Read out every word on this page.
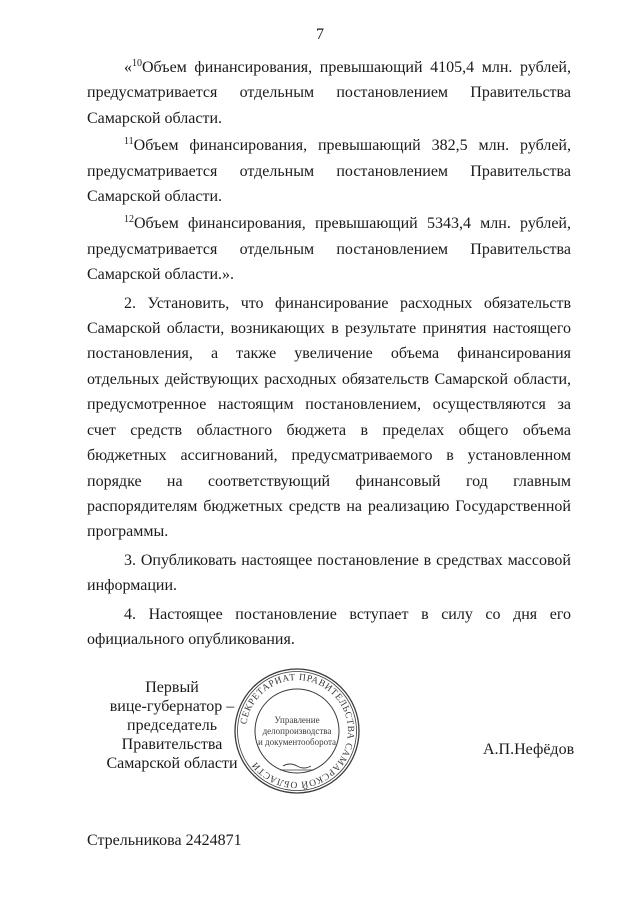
7

«$^{10}$Объем финансирования, превышающий 4105,4 млн. рублей, предусматривается отдельным постановлением Правительства Самарской области.

$^{11}$Объем финансирования, превышающий 382,5 млн. рублей, предусматривается отдельным постановлением Правительства Самарской области.

$^{12}$Объем финансирования, превышающий 5343,4 млн. рублей, предусматривается отдельным постановлением Правительства Самарской области.».

2. Установить, что финансирование расходных обязательств Самарской области, возникающих в результате принятия настоящего постановления, а также увеличение объема финансирования отдельных действующих расходных обязательств Самарской области, предусмотренное настоящим постановлением, осуществляются за счет средств областного бюджета в пределах общего объема бюджетных ассигнований, предусматриваемого в установленном порядке на соответствующий финансовый год главным распорядителям бюджетных средств на реализацию Государственной программы.

3. Опубликовать настоящее постановление в средствах массовой информации.

4. Настоящее постановление вступает в силу со дня его официального опубликования.

Первый
вице-губернатор –
председатель Правительства
Самарской области
СЕКРЕТАРИАТ ПРАВИТЕЛЬСТВА САМАРСКОЙ ОБЛАСТИ
Управление
делопроизводства
и документооборота	А.П.Нефёдов
Стрельникова 2424871
